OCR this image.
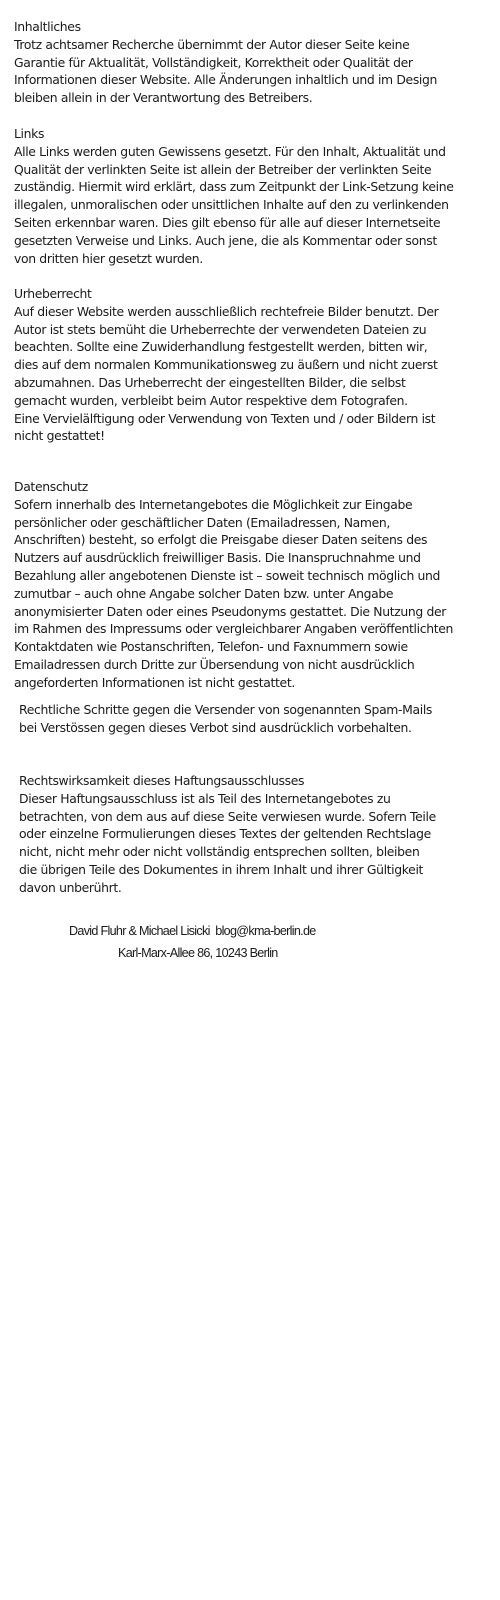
Inhaltliches
Trotz achtsamer Recherche übernimmt der Autor dieser Seite keine Garantie für Aktualität, Vollständigkeit, Korrektheit oder Qualität der Informationen dieser Website. Alle Änderungen inhaltlich und im Design bleiben allein in der Verantwortung des Betreibers.
Links
Alle Links werden guten Gewissens gesetzt. Für den Inhalt, Aktualität und Qualität der verlinkten Seite ist allein der Betreiber der verlinkten Seite zuständig. Hiermit wird erklärt, dass zum Zeitpunkt der Link-Setzung keine illegalen, unmoralischen oder unsittlichen Inhalte auf den zu verlinkenden Seiten erkennbar waren. Dies gilt ebenso für alle auf dieser Internetseite gesetzten Verweise und Links. Auch jene, die als Kommentar oder sonst von dritten hier gesetzt wurden.
Urheberrecht
Auf dieser Website werden ausschließlich rechtefreie Bilder benutzt. Der Autor ist stets bemüht die Urheberrechte der verwendeten Dateien zu beachten. Sollte eine Zuwiderhandlung festgestellt werden, bitten wir, dies auf dem normalen Kommunikationsweg zu äußern und nicht zuerst abzumahnen. Das Urheberrecht der eingestellten Bilder, die selbst gemacht wurden, verbleibt beim Autor respektive dem Fotografen.
Eine Vervielälftigung oder Verwendung von Texten und / oder Bildern ist nicht gestattet!
Datenschutz
Sofern innerhalb des Internetangebotes die Möglichkeit zur Eingabe persönlicher oder geschäftlicher Daten (Emailadressen, Namen, Anschriften) besteht, so erfolgt die Preisgabe dieser Daten seitens des Nutzers auf ausdrücklich freiwilliger Basis. Die Inanspruchnahme und Bezahlung aller angebotenen Dienste ist – soweit technisch möglich und zumutbar – auch ohne Angabe solcher Daten bzw. unter Angabe anonymisierter Daten oder eines Pseudonyms gestattet. Die Nutzung der im Rahmen des Impressums oder vergleichbarer Angaben veröffentlichten Kontaktdaten wie Postanschriften, Telefon- und Faxnummern sowie Emailadressen durch Dritte zur Übersendung von nicht ausdrücklich angeforderten Informationen ist nicht gestattet.
Rechtliche Schritte gegen die Versender von sogenannten Spam-Mails bei Verstössen gegen dieses Verbot sind ausdrücklich vorbehalten.
Rechtswirksamkeit dieses Haftungsausschlusses
Dieser Haftungsausschluss ist als Teil des Internetangebotes zu betrachten, von dem aus auf diese Seite verwiesen wurde. Sofern Teile oder einzelne Formulierungen dieses Textes der geltenden Rechtslage nicht, nicht mehr oder nicht vollständig entsprechen sollten, bleiben die übrigen Teile des Dokumentes in ihrem Inhalt und ihrer Gültigkeit davon unberührt.
David Fluhr & Michael Lisicki blog@kma-berlin.de
Karl-Marx-Allee 86, 10243 Berlin
